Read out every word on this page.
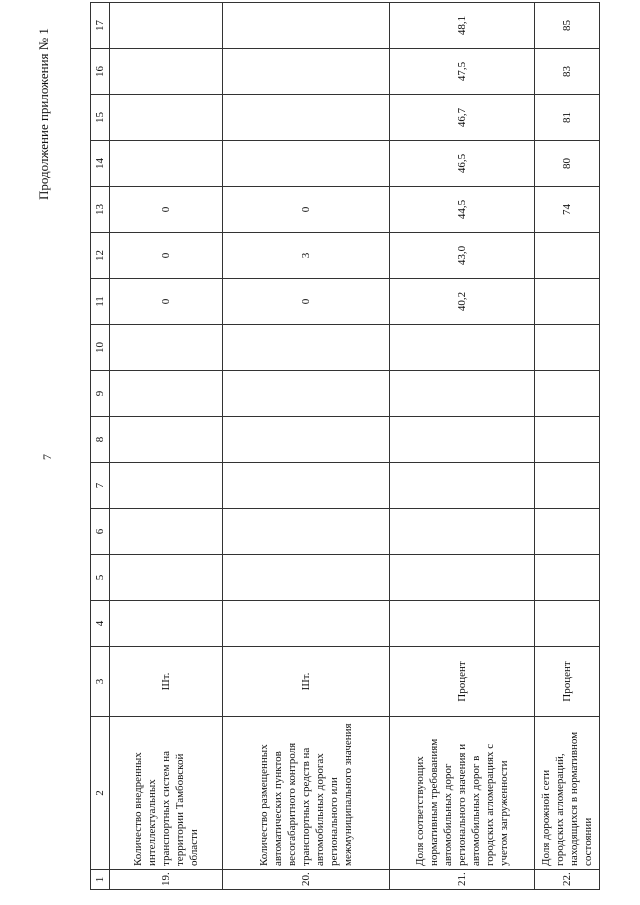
7
Продолжение приложения № 1
1	2	3	4	5	6	7	8	9	10	11	12	13	14	15	16	17
19.	Количество внедренных интеллектуальных транспортных систем на территории Тамбовской области	Шт.								0	0	0				
20.	Количество размещенных автоматических пунктов весогабаритного контроля транспортных средств на автомобильных дорогах регионального или межмуниципального значения	Шт.								0	3	0				
21.	Доля соответствующих нормативным требованиям автомобильных дорог регионального значения и автомобильных дорог в городских агломерациях с учетом загруженности	Процент								40,2	43,0	44,5	46,5	46,7	47,5	48,1
22.	Доля дорожной сети городских агломераций, находящихся в нормативном состоянии	Процент										74	80	81	83	85
